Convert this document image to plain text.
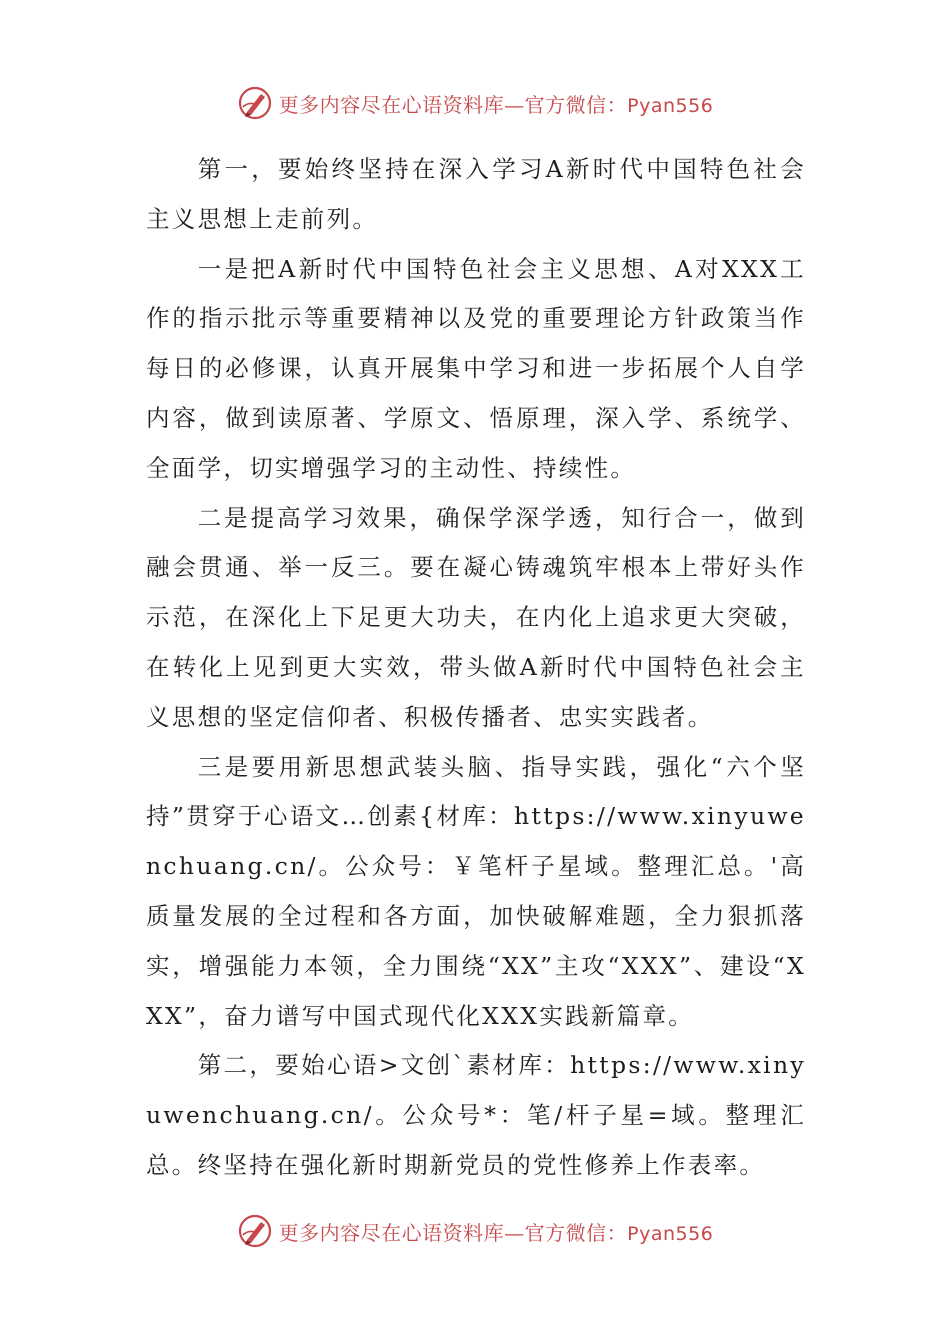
更多内容尽在心语资料库—官方微信：Pyan556

第一，要始终坚持在深入学习A新时代中国特色社会主义思想上走前列。

一是把A新时代中国特色社会主义思想、A对XXX工作的指示批示等重要精神以及党的重要理论方针政策当作每日的必修课，认真开展集中学习和进一步拓展个人自学内容，做到读原著、学原文、悟原理，深入学、系统学、全面学，切实增强学习的主动性、持续性。

二是提高学习效果，确保学深学透，知行合一，做到融会贯通、举一反三。要在凝心铸魂筑牢根本上带好头作示范，在深化上下足更大功夫，在内化上追求更大突破，在转化上见到更大实效，带头做A新时代中国特色社会主义思想的坚定信仰者、积极传播者、忠实实践者。

三是要用新思想武装头脑、指导实践，强化“六个坚持”贯穿于心语文…创素{材库：https://www.xinyuwenchuang.cn/。公众号：￥笔杆子星域。整理汇总。'高质量发展的全过程和各方面，加快破解难题，全力狠抓落实，增强能力本领，全力围绕“XX”主攻“XXX”、建设“XXX”，奋力谱写中国式现代化XXX实践新篇章。

第二，要始心语>文创`素材库：https://www.xinyuwenchuang.cn/。公众号*：笔/杆子星=域。整理汇总。终坚持在强化新时期新党员的党性修养上作表率。

更多内容尽在心语资料库—官方微信：Pyan556
